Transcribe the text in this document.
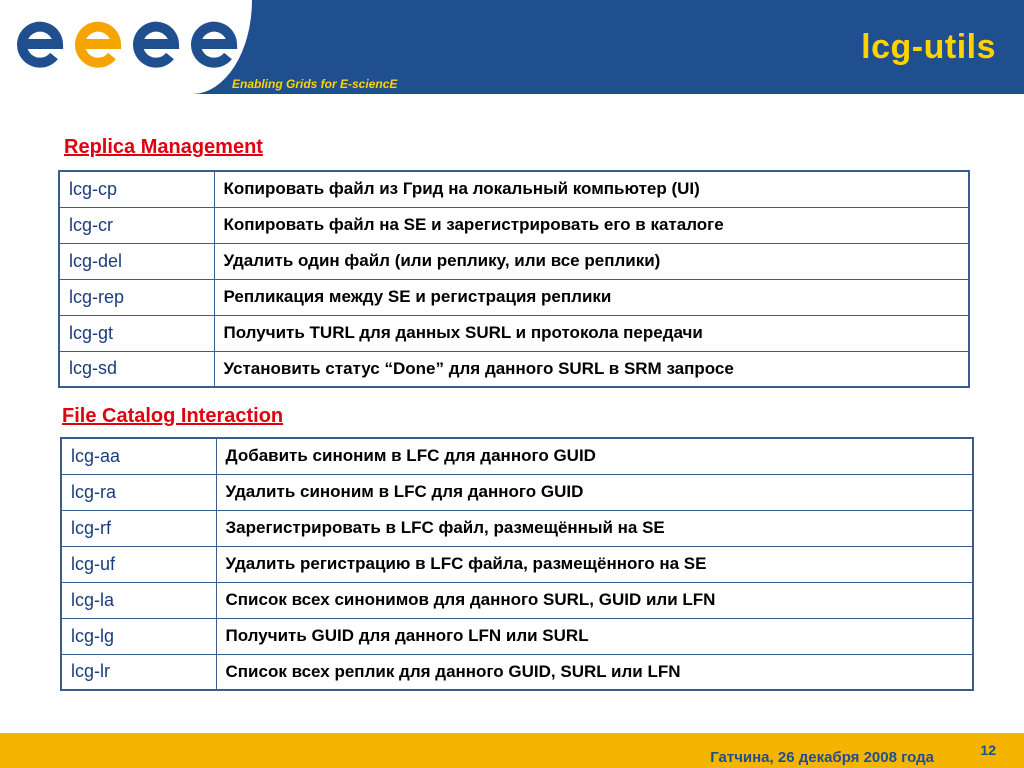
lcg-utils
Enabling Grids for E-sciencE
Replica Management
lcg-cp	Копировать файл из Грид на локальный компьютер (UI)
lcg-cr	Копировать файл на SE и зарегистрировать его в каталоге
lcg-del	Удалить один файл (или реплику, или все реплики)
lcg-rep	Репликация между SE и регистрация реплики
lcg-gt	Получить TURL для данных SURL и протокола передачи
lcg-sd	Установить статус “Done” для данного SURL в SRM запросе
File Catalog Interaction
lcg-aa	Добавить синоним в LFC для данного GUID
lcg-ra	Удалить синоним в LFC для данного GUID
lcg-rf	Зарегистрировать в LFC файл, размещённый на SE
lcg-uf	Удалить регистрацию в LFC файла, размещённого на SE
lcg-la	Список всех синонимов для данного SURL, GUID или LFN
lcg-lg	Получить GUID для данного LFN или SURL
lcg-lr	Список всех реплик для данного GUID, SURL или LFN
Гатчина, 26 декабря 2008 года	12
